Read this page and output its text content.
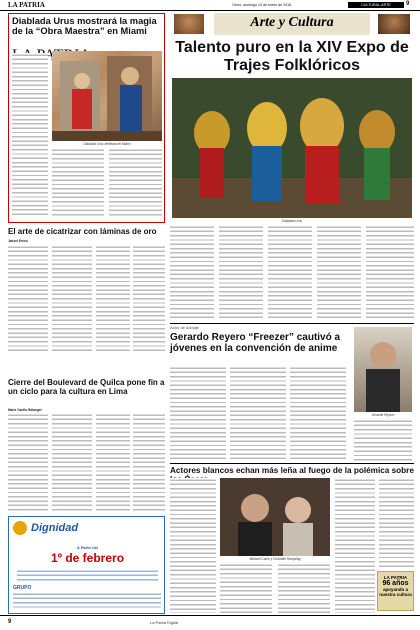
LA PATRIA	Oruro, domingo 24 de enero de 2016	CULTURAL-ARTE	9
Diablada Urus mostrará la magia de la “Obra Maestra” en Miami
Diablada Urus deleitará en Miami
El arte de cicatrizar con láminas de oro
Jairzel Eréso
Cierre del Boulevard de Quilca pone fin a un ciclo para la cultura en Lima
Marie Cariño Bélanger
Dignidad
A Partir del
1º de febrero
GRUPO
Arte y Cultura
Talento puro en la XIV Expo de Trajes Folklóricos
Diablada Urus
Actor de doblaje
Gerardo Reyero “Freezer” cautivó a jóvenes en la convención de anime
Gerardo Reyero
Actores blancos echan más leña al fuego de la polémica sobre
Michael Caine y Charlotte Rampling
LA PATRIA
96 años
apoyando a
nuestra cultura
9	La Patria Digital
